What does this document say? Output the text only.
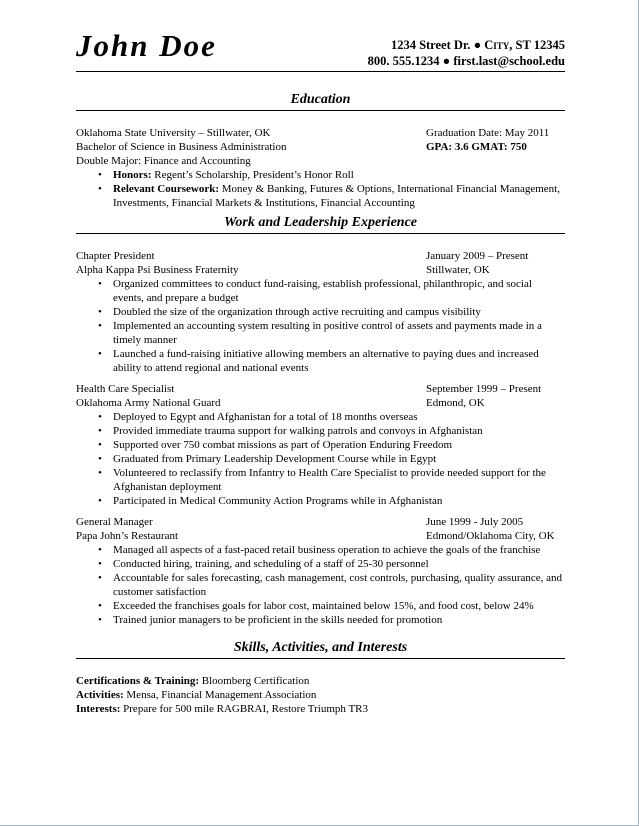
John Doe	1234 Street Dr. ● City, ST 12345
800. 555.1234 ● first.last@school.edu
Education
Oklahoma State University – Stillwater, OK	Graduation Date: May 2011
Bachelor of Science in Business Administration	GPA: 3.6 GMAT: 750
Double Major: Finance and Accounting
• Honors: Regent’s Scholarship, President’s Honor Roll
• Relevant Coursework: Money & Banking, Futures & Options, International Financial Management, Investments, Financial Markets & Institutions, Financial Accounting
Work and Leadership Experience
Chapter President	January 2009 – Present
Alpha Kappa Psi Business Fraternity	Stillwater, OK
• Organized committees to conduct fund-raising, establish professional, philanthropic, and social events, and prepare a budget
• Doubled the size of the organization through active recruiting and campus visibility
• Implemented an accounting system resulting in positive control of assets and payments made in a timely manner
• Launched a fund-raising initiative allowing members an alternative to paying dues and increased ability to attend regional and national events
Health Care Specialist	September 1999 – Present
Oklahoma Army National Guard	Edmond, OK
• Deployed to Egypt and Afghanistan for a total of 18 months overseas
• Provided immediate trauma support for walking patrols and convoys in Afghanistan
• Supported over 750 combat missions as part of Operation Enduring Freedom
• Graduated from Primary Leadership Development Course while in Egypt
• Volunteered to reclassify from Infantry to Health Care Specialist to provide needed support for the Afghanistan deployment
• Participated in Medical Community Action Programs while in Afghanistan
General Manager	June 1999 - July 2005
Papa John’s Restaurant	Edmond/Oklahoma City, OK
• Managed all aspects of a fast-paced retail business operation to achieve the goals of the franchise
• Conducted hiring, training, and scheduling of a staff of 25-30 personnel
• Accountable for sales forecasting, cash management, cost controls, purchasing, quality assurance, and customer satisfaction
• Exceeded the franchises goals for labor cost, maintained below 15%, and food cost, below 24%
• Trained junior managers to be proficient in the skills needed for promotion
Skills, Activities, and Interests
Certifications & Training: Bloomberg Certification
Activities: Mensa, Financial Management Association
Interests: Prepare for 500 mile RAGBRAI, Restore Triumph TR3
